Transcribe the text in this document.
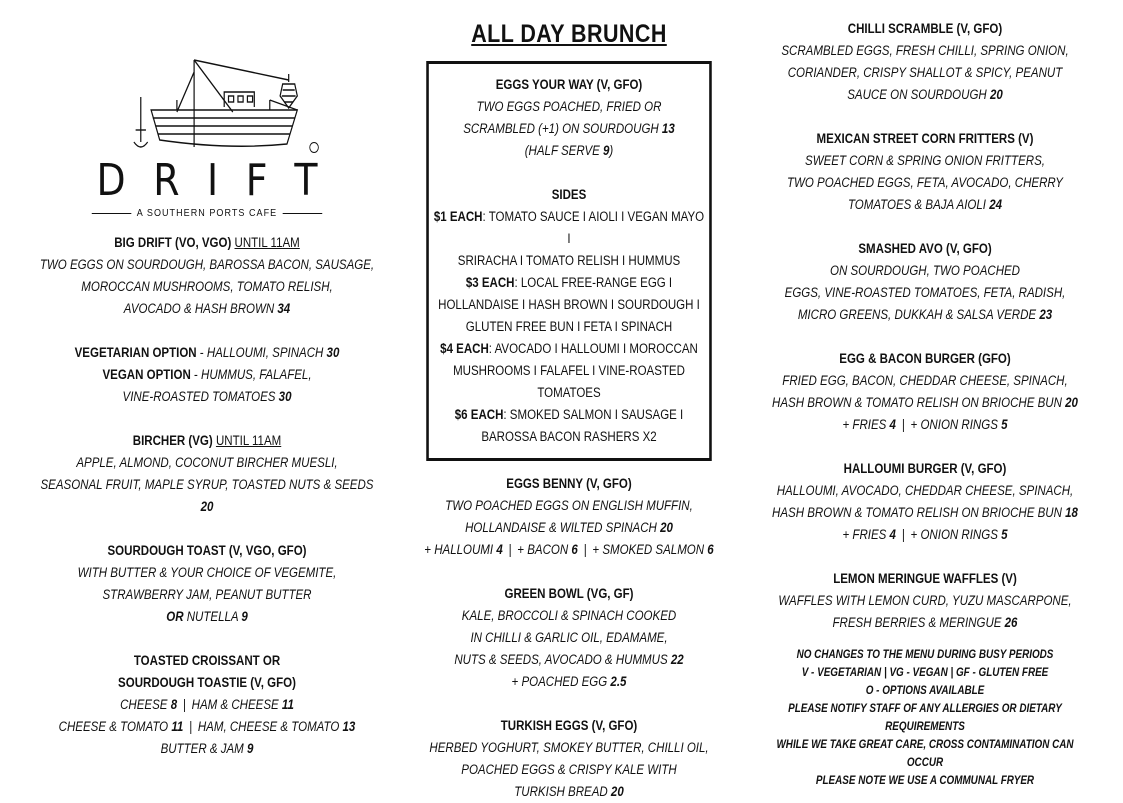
DRIFT
A SOUTHERN PORTS CAFE
BIG DRIFT (VO, VGO) UNTIL 11AM
TWO EGGS ON SOURDOUGH, BAROSSA BACON, SAUSAGE,
MOROCCAN MUSHROOMS, TOMATO RELISH,
AVOCADO & HASH BROWN 34
VEGETARIAN OPTION - HALLOUMI, SPINACH 30
VEGAN OPTION - HUMMUS, FALAFEL,
VINE-ROASTED TOMATOES 30
BIRCHER (VG) UNTIL 11AM
APPLE, ALMOND, COCONUT BIRCHER MUESLI,
SEASONAL FRUIT, MAPLE SYRUP, TOASTED NUTS & SEEDS 20
SOURDOUGH TOAST (V, VGO, GFO)
WITH BUTTER & YOUR CHOICE OF VEGEMITE,
STRAWBERRY JAM, PEANUT BUTTER
OR NUTELLA 9
TOASTED CROISSANT OR
SOURDOUGH TOASTIE (V, GFO)
CHEESE 8 | HAM & CHEESE 11
CHEESE & TOMATO 11 | HAM, CHEESE & TOMATO 13
BUTTER & JAM 9
ALL DAY BRUNCH
EGGS YOUR WAY (V, GFO)
TWO EGGS POACHED, FRIED OR
SCRAMBLED (+1) ON SOURDOUGH 13
(HALF SERVE 9)
SIDES
$1 EACH: TOMATO SAUCE I AIOLI I VEGAN MAYO I
SRIRACHA I TOMATO RELISH I HUMMUS
$3 EACH: LOCAL FREE-RANGE EGG I
HOLLANDAISE I HASH BROWN I SOURDOUGH I
GLUTEN FREE BUN I FETA I SPINACH
$4 EACH: AVOCADO I HALLOUMI I MOROCCAN
MUSHROOMS I FALAFEL I VINE-ROASTED TOMATOES
$6 EACH: SMOKED SALMON I SAUSAGE I
BAROSSA BACON RASHERS X2
EGGS BENNY (V, GFO)
TWO POACHED EGGS ON ENGLISH MUFFIN,
HOLLANDAISE & WILTED SPINACH 20
+ HALLOUMI 4 | + BACON 6 | + SMOKED SALMON 6
GREEN BOWL (VG, GF)
KALE, BROCCOLI & SPINACH COOKED
IN CHILLI & GARLIC OIL, EDAMAME,
NUTS & SEEDS, AVOCADO & HUMMUS 22
+ POACHED EGG 2.5
TURKISH EGGS (V, GFO)
HERBED YOGHURT, SMOKEY BUTTER, CHILLI OIL,
POACHED EGGS & CRISPY KALE WITH
TURKISH BREAD 20
CHILLI SCRAMBLE (V, GFO)
SCRAMBLED EGGS, FRESH CHILLI, SPRING ONION,
CORIANDER, CRISPY SHALLOT & SPICY, PEANUT
SAUCE ON SOURDOUGH 20
MEXICAN STREET CORN FRITTERS (V)
SWEET CORN & SPRING ONION FRITTERS,
TWO POACHED EGGS, FETA, AVOCADO, CHERRY
TOMATOES & BAJA AIOLI 24
SMASHED AVO (V, GFO)
ON SOURDOUGH, TWO POACHED
EGGS, VINE-ROASTED TOMATOES, FETA, RADISH,
MICRO GREENS, DUKKAH & SALSA VERDE 23
EGG & BACON BURGER (GFO)
FRIED EGG, BACON, CHEDDAR CHEESE, SPINACH,
HASH BROWN & TOMATO RELISH ON BRIOCHE BUN 20
+ FRIES 4 | + ONION RINGS 5
HALLOUMI BURGER (V, GFO)
HALLOUMI, AVOCADO, CHEDDAR CHEESE, SPINACH,
HASH BROWN & TOMATO RELISH ON BRIOCHE BUN 18
+ FRIES 4 | + ONION RINGS 5
LEMON MERINGUE WAFFLES (V)
WAFFLES WITH LEMON CURD, YUZU MASCARPONE,
FRESH BERRIES & MERINGUE 26
NO CHANGES TO THE MENU DURING BUSY PERIODS
V - VEGETARIAN | VG - VEGAN | GF - GLUTEN FREE
O - OPTIONS AVAILABLE
PLEASE NOTIFY STAFF OF ANY ALLERGIES OR DIETARY REQUIREMENTS
WHILE WE TAKE GREAT CARE, CROSS CONTAMINATION CAN OCCUR
PLEASE NOTE WE USE A COMMUNAL FRYER
